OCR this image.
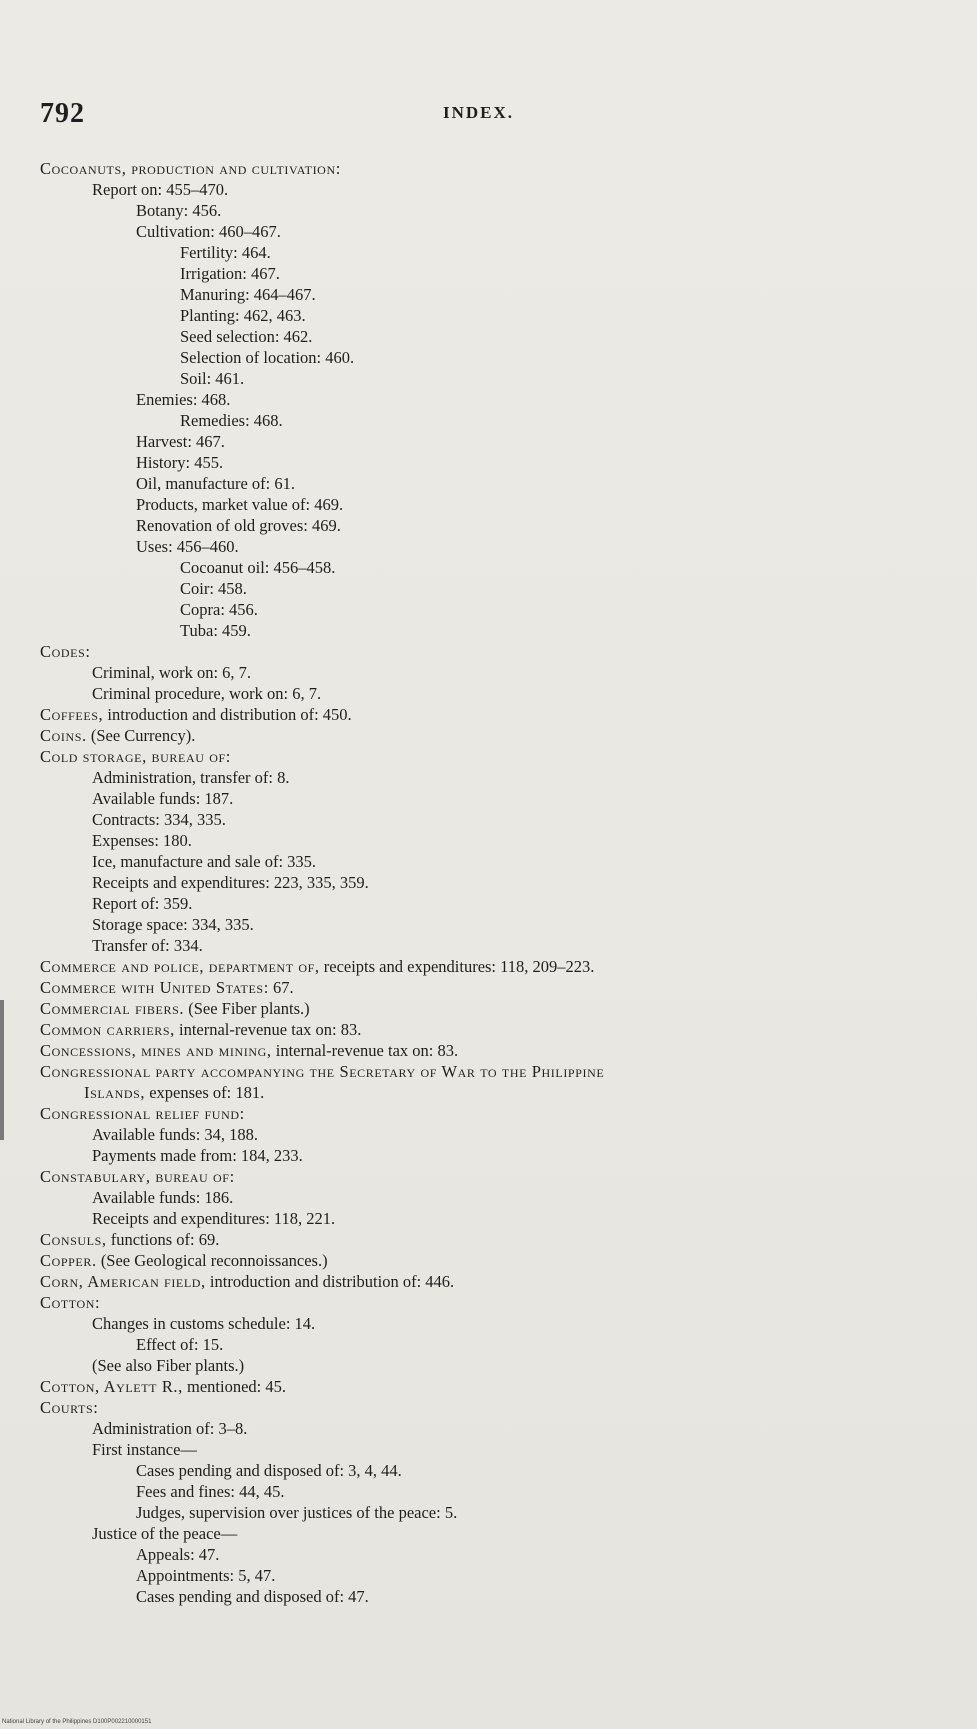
792	INDEX.
Cocoanuts, production and cultivation:
Report on: 455–470.
Botany: 456.
Cultivation: 460–467.
Fertility: 464.
Irrigation: 467.
Manuring: 464–467.
Planting: 462, 463.
Seed selection: 462.
Selection of location: 460.
Soil: 461.
Enemies: 468.
Remedies: 468.
Harvest: 467.
History: 455.
Oil, manufacture of: 61.
Products, market value of: 469.
Renovation of old groves: 469.
Uses: 456–460.
Cocoanut oil: 456–458.
Coir: 458.
Copra: 456.
Tuba: 459.
Codes:
Criminal, work on: 6, 7.
Criminal procedure, work on: 6, 7.
Coffees, introduction and distribution of: 450.
Coins. (See Currency).
Cold storage, bureau of:
Administration, transfer of: 8.
Available funds: 187.
Contracts: 334, 335.
Expenses: 180.
Ice, manufacture and sale of: 335.
Receipts and expenditures: 223, 335, 359.
Report of: 359.
Storage space: 334, 335.
Transfer of: 334.
Commerce and police, department of, receipts and expenditures: 118, 209–223.
Commerce with United States: 67.
Commercial fibers. (See Fiber plants.)
Common carriers, internal-revenue tax on: 83.
Concessions, mines and mining, internal-revenue tax on: 83.
Congressional party accompanying the Secretary of War to the Philippine
Islands, expenses of: 181.
Congressional relief fund:
Available funds: 34, 188.
Payments made from: 184, 233.
Constabulary, bureau of:
Available funds: 186.
Receipts and expenditures: 118, 221.
Consuls, functions of: 69.
Copper. (See Geological reconnoissances.)
Corn, American field, introduction and distribution of: 446.
Cotton:
Changes in customs schedule: 14.
Effect of: 15.
(See also Fiber plants.)
Cotton, Aylett R., mentioned: 45.
Courts:
Administration of: 3–8.
First instance—
Cases pending and disposed of: 3, 4, 44.
Fees and fines: 44, 45.
Judges, supervision over justices of the peace: 5.
Justice of the peace—
Appeals: 47.
Appointments: 5, 47.
Cases pending and disposed of: 47.
National Library of the Philippines D100P002210000151
